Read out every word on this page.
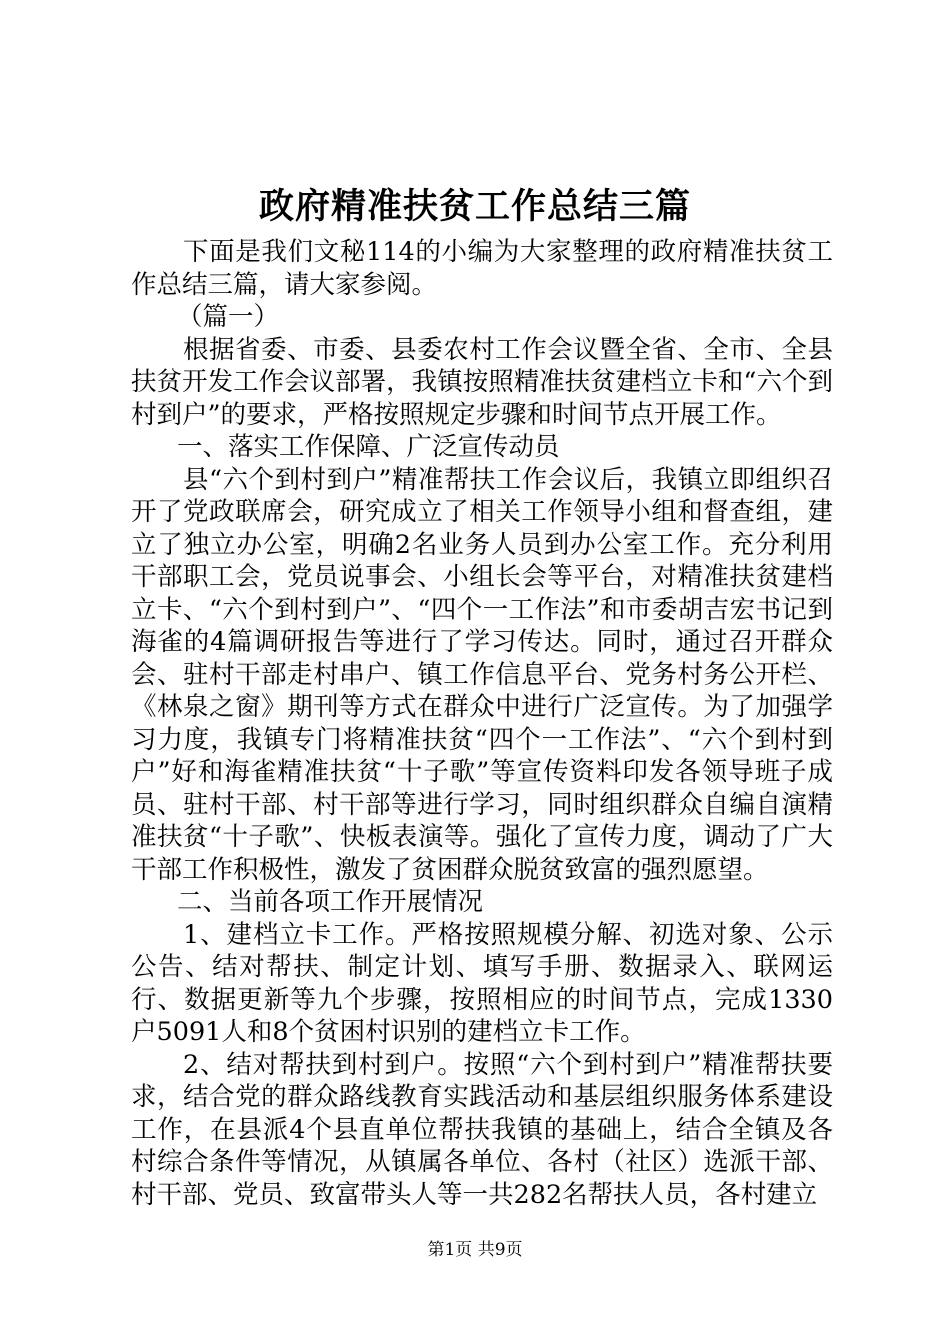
政府精准扶贫工作总结三篇

下面是我们文秘114的小编为大家整理的政府精准扶贫工作总结三篇，请大家参阅。

（篇一）

根据省委、市委、县委农村工作会议暨全省、全市、全县扶贫开发工作会议部署，我镇按照精准扶贫建档立卡和“六个到村到户”的要求，严格按照规定步骤和时间节点开展工作。

一、落实工作保障、广泛宣传动员

县“六个到村到户”精准帮扶工作会议后，我镇立即组织召开了党政联席会，研究成立了相关工作领导小组和督查组，建立了独立办公室，明确2名业务人员到办公室工作。充分利用干部职工会，党员说事会、小组长会等平台，对精准扶贫建档立卡、“六个到村到户”、“四个一工作法”和市委胡吉宏书记到海雀的4篇调研报告等进行了学习传达。同时，通过召开群众会、驻村干部走村串户、镇工作信息平台、党务村务公开栏、《林泉之窗》期刊等方式在群众中进行广泛宣传。为了加强学习力度，我镇专门将精准扶贫“四个一工作法”、“六个到村到户”好和海雀精准扶贫“十子歌”等宣传资料印发各领导班子成员、驻村干部、村干部等进行学习，同时组织群众自编自演精准扶贫“十子歌”、快板表演等。强化了宣传力度，调动了广大干部工作积极性，激发了贫困群众脱贫致富的强烈愿望。

二、当前各项工作开展情况

1、建档立卡工作。严格按照规模分解、初选对象、公示公告、结对帮扶、制定计划、填写手册、数据录入、联网运行、数据更新等九个步骤，按照相应的时间节点，完成1330户5091人和8个贫困村识别的建档立卡工作。

2、结对帮扶到村到户。按照“六个到村到户”精准帮扶要求，结合党的群众路线教育实践活动和基层组织服务体系建设工作，在县派4个县直单位帮扶我镇的基础上，结合全镇及各村综合条件等情况，从镇属各单位、各村（社区）选派干部、村干部、党员、致富带头人等一共282名帮扶人员，各村建立

第1页 共9页
